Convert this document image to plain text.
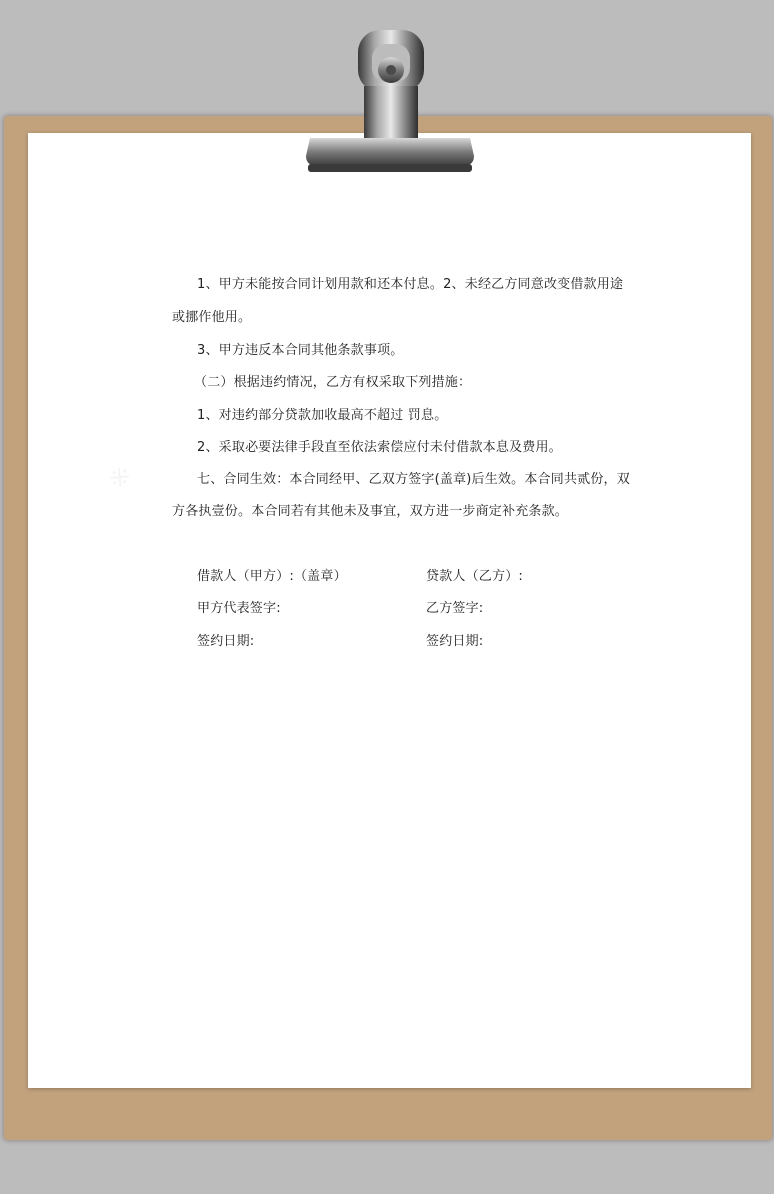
1、甲方未能按合同计划用款和还本付息。2、未经乙方同意改变借款用途
或挪作他用。
3、甲方违反本合同其他条款事项。
（二）根据违约情况，乙方有权采取下列措施：
1、对违约部分贷款加收最高不超过 罚息。
2、采取必要法律手段直至依法索偿应付未付借款本息及费用。
七、合同生效：本合同经甲、乙双方签字(盖章)后生效。本合同共贰份，双
方各执壹份。本合同若有其他未及事宜，双方进一步商定补充条款。
借款人（甲方）:（盖章）	贷款人（乙方）:
甲方代表签字:	乙方签字:
签约日期:	签约日期:
